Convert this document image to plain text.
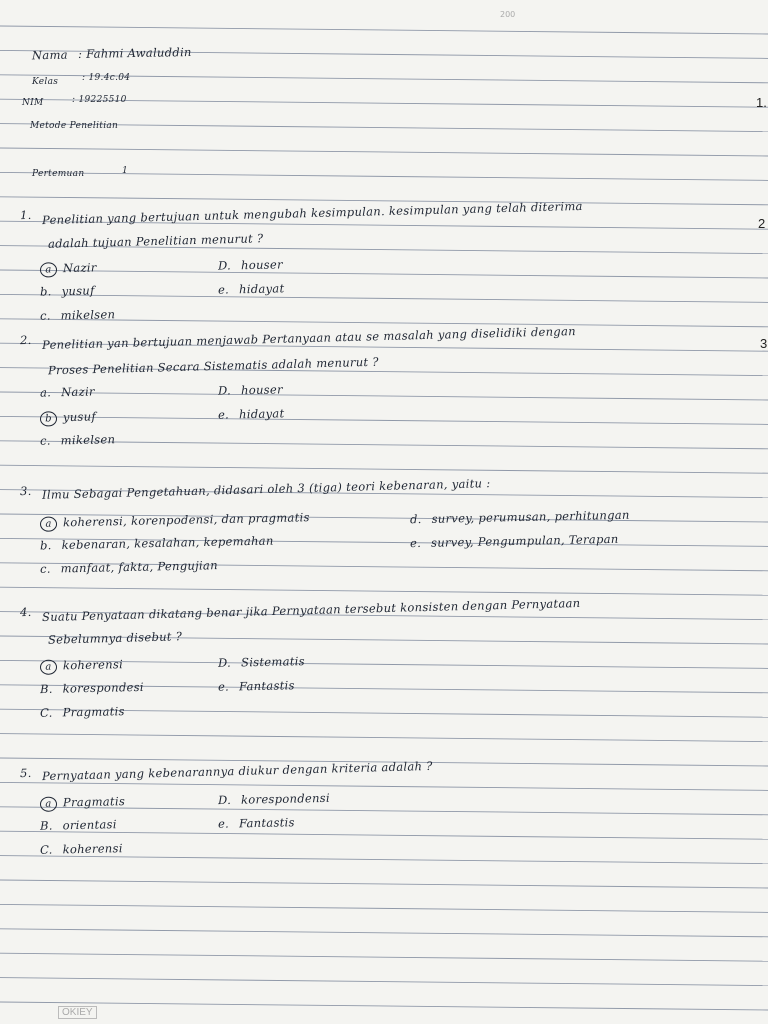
200
1.
2
3
Nama : Fahmi Awaluddin
Kelas	: 19.4c.04
NIM	: 19225510
Metode Penelitian
Pertemuan	1
1. Penelitian yang bertujuan untuk mengubah kesimpulan. kesimpulan yang telah diterima
adalah tujuan Penelitian menurut ?
a Nazir	D. houser
b. yusuf	e. hidayat
c. mikelsen
2. Penelitian yan bertujuan menjawab Pertanyaan atau se masalah yang diselidiki dengan
Proses Penelitian Secara Sistematis adalah menurut ?
a. Nazir	D. houser
b yusuf	e. hidayat
c. mikelsen
3. Ilmu Sebagai Pengetahuan, didasari oleh 3 (tiga) teori kebenaran, yaitu :
a koherensi, korenpodensi, dan pragmatis	d. survey, perumusan, perhitungan
b. kebenaran, kesalahan, kepemahan	e. survey, Pengumpulan, Terapan
c. manfaat, fakta, Pengujian
4. Suatu Penyataan dikatang benar jika Pernyataan tersebut konsisten dengan Pernyataan
Sebelumnya disebut ?
a koherensi	D. Sistematis
B. korespondesi	e. Fantastis
C. Pragmatis
5. Pernyataan yang kebenarannya diukur dengan kriteria adalah ?
a Pragmatis	D. korespondensi
B. orientasi	e. Fantastis
C. koherensi
OKIEY
